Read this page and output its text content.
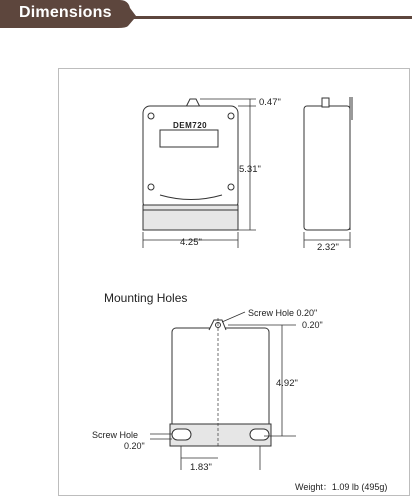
Dimensions
DEM720
0.47"
5.31"
4.25"	2.32"
Mounting Holes
Screw Hole 0.20"
0.20"
4.92"
Screw Hole
0.20"
1.83"
Weight：1.09 lb (495g)
